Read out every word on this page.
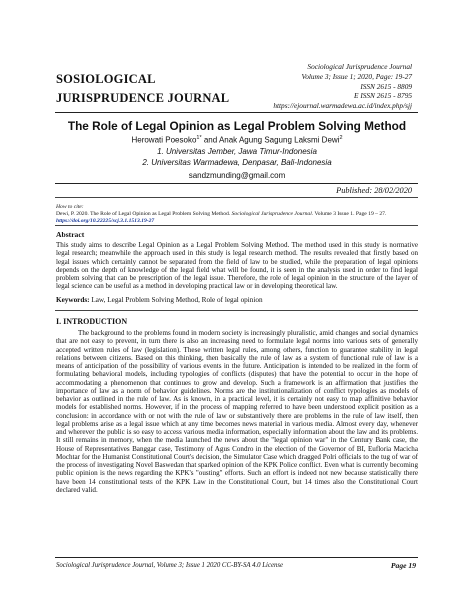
SOSIOLOGICAL
JURISPRUDENCE JOURNAL
Sociological Jurisprudence Journal
Volume 3; Issue 1; 2020, Page: 19-27
ISSN 2615 - 8809
E ISSN 2615 - 8795
https://ejournal.warmadewa.ac.id/index.php/sjj
The Role of Legal Opinion as Legal Problem Solving Method
Herowati Poesoko$^{1*}$ and Anak Agung Sagung Laksmi Dewi$^2$
1. Universitas Jember, Jawa Timur-Indonesia
2. Universitas Warmadewa, Denpasar, Bali-Indonesia
sandzmunding@gmail.com
Published: 28/02/2020
How to cite:
Dewi, P. 2020. The Role of Legal Opinion as Legal Problem Solving Method. Sociological Jurisprudence Journal. Volume 3 Issue 1. Page 19 – 27. https://doi.org/10.22225/scj.3.1.1513.19-27
Abstract
This study aims to describe Legal Opinion as a Legal Problem Solving Method. The method used in this study is normative legal research; meanwhile the approach used in this study is legal research method. The results revealed that firstly based on legal issues which certainly cannot be separated from the field of law to be studied, while the preparation of legal opinions depends on the depth of knowledge of the legal field what will be found, it is seen in the analysis used in order to find legal problem solving that can be prescription of the legal issue. Therefore, the role of legal opinion in the structure of the layer of legal science can be useful as a method in developing practical law or in developing theoretical law.
Keywords: Law, Legal Problem Solving Method, Role of legal opinion
I. INTRODUCTION
The background to the problems found in modern society is increasingly pluralistic, amid changes and social dynamics that are not easy to prevent, in turn there is also an increasing need to formulate legal norms into various sets of generally accepted written rules of law (legislation). These written legal rules, among others, function to guarantee stability in legal relations between citizens. Based on this thinking, then basically the rule of law as a system of functional rule of law is a means of anticipation of the possibility of various events in the future. Anticipation is intended to be realized in the form of formulating behavioral models, including typologies of conflicts (disputes) that have the potential to occur in the hope of accommodating a phenomenon that continues to grow and develop. Such a framework is an affirmation that justifies the importance of law as a norm of behavior guidelines. Norms are the institutionalization of conflict typologies as models of behavior as outlined in the rule of law. As is known, in a practical level, it is certainly not easy to map affinitive behavior models for established norms. However, if in the process of mapping referred to have been understood explicit position as a conclusion: in accordance with or not with the rule of law or substantively there are problems in the rule of law itself, then legal problems arise as a legal issue which at any time becomes news material in various media. Almost every day, whenever and wherever the public is so easy to access various media information, especially information about the law and its problems. It still remains in memory, when the media launched the news about the "legal opinion war" in the Century Bank case, the House of Representatives Banggar case, Testimony of Agus Condro in the election of the Governor of BI, Eufloria Macicha Mochtar for the Humanist Constitutional Court's decision, the Simulator Case which dragged Polri officials to the tug of war of the process of investigating Novel Baswedan that sparked opinion of the KPK Police conflict. Even what is currently becoming public opinion is the news regarding the KPK's "ousting" efforts. Such an effort is indeed not new because statistically there have been 14 constitutional tests of the KPK Law in the Constitutional Court, but 14 times also the Constitutional Court declared valid.
Sociological Jurisprudence Journal, Volume 3; Issue 1 2020 CC-BY-SA 4.0 License	Page 19
